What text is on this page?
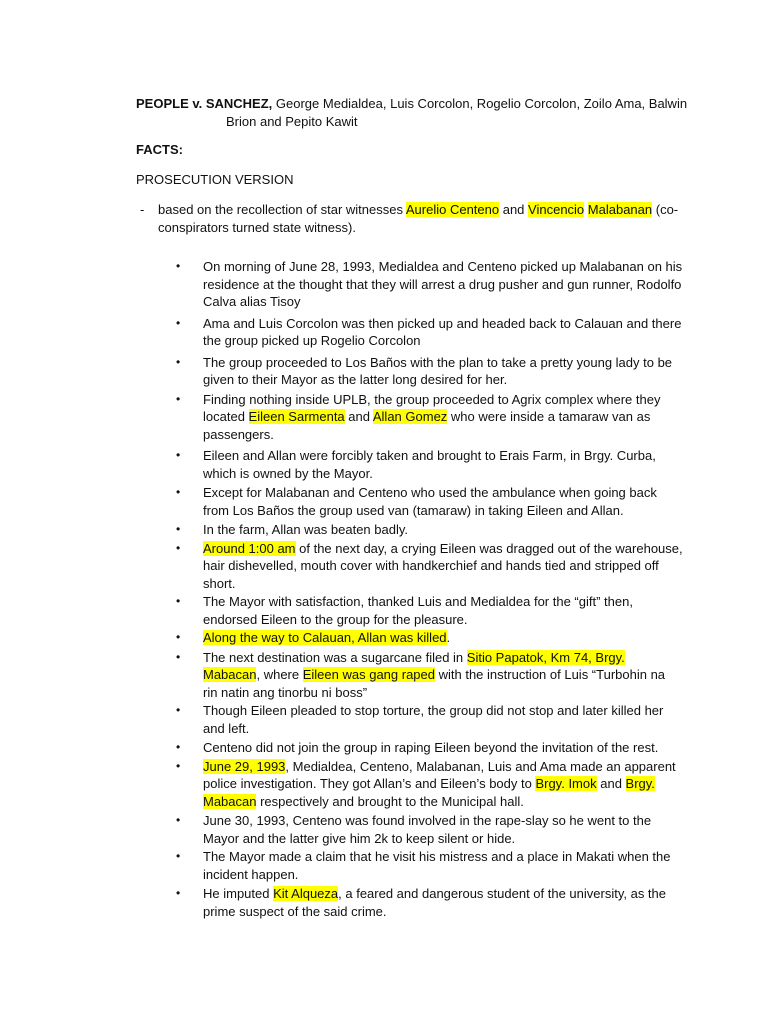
PEOPLE v. SANCHEZ, George Medialdea, Luis Corcolon, Rogelio Corcolon, Zoilo Ama, Balwin
Brion and Pepito Kawit
FACTS:
PROSECUTION VERSION
- based on the recollection of star witnesses Aurelio Centeno and Vincencio Malabanan (co-conspirators turned state witness).
• On morning of June 28, 1993, Medialdea and Centeno picked up Malabanan on his residence at the thought that they will arrest a drug pusher and gun runner, Rodolfo Calva alias Tisoy
• Ama and Luis Corcolon was then picked up and headed back to Calauan and there the group picked up Rogelio Corcolon
• The group proceeded to Los Baños with the plan to take a pretty young lady to be given to their Mayor as the latter long desired for her.
• Finding nothing inside UPLB, the group proceeded to Agrix complex where they located Eileen Sarmenta and Allan Gomez who were inside a tamaraw van as passengers.
• Eileen and Allan were forcibly taken and brought to Erais Farm, in Brgy. Curba, which is owned by the Mayor.
• Except for Malabanan and Centeno who used the ambulance when going back from Los Baños the group used van (tamaraw) in taking Eileen and Allan.
• In the farm, Allan was beaten badly.
• Around 1:00 am of the next day, a crying Eileen was dragged out of the warehouse, hair dishevelled, mouth cover with handkerchief and hands tied and stripped off short.
• The Mayor with satisfaction, thanked Luis and Medialdea for the “gift” then, endorsed Eileen to the group for the pleasure.
• Along the way to Calauan, Allan was killed.
• The next destination was a sugarcane filed in Sitio Papatok, Km 74, Brgy. Mabacan, where Eileen was gang raped with the instruction of Luis “Turbohin na rin natin ang tinorbu ni boss”
• Though Eileen pleaded to stop torture, the group did not stop and later killed her and left.
• Centeno did not join the group in raping Eileen beyond the invitation of the rest.
• June 29, 1993, Medialdea, Centeno, Malabanan, Luis and Ama made an apparent police investigation. They got Allan’s and Eileen’s body to Brgy. Imok and Brgy. Mabacan respectively and brought to the Municipal hall.
• June 30, 1993, Centeno was found involved in the rape-slay so he went to the Mayor and the latter give him 2k to keep silent or hide.
• The Mayor made a claim that he visit his mistress and a place in Makati when the incident happen.
• He imputed Kit Alqueza, a feared and dangerous student of the university, as the prime suspect of the said crime.
